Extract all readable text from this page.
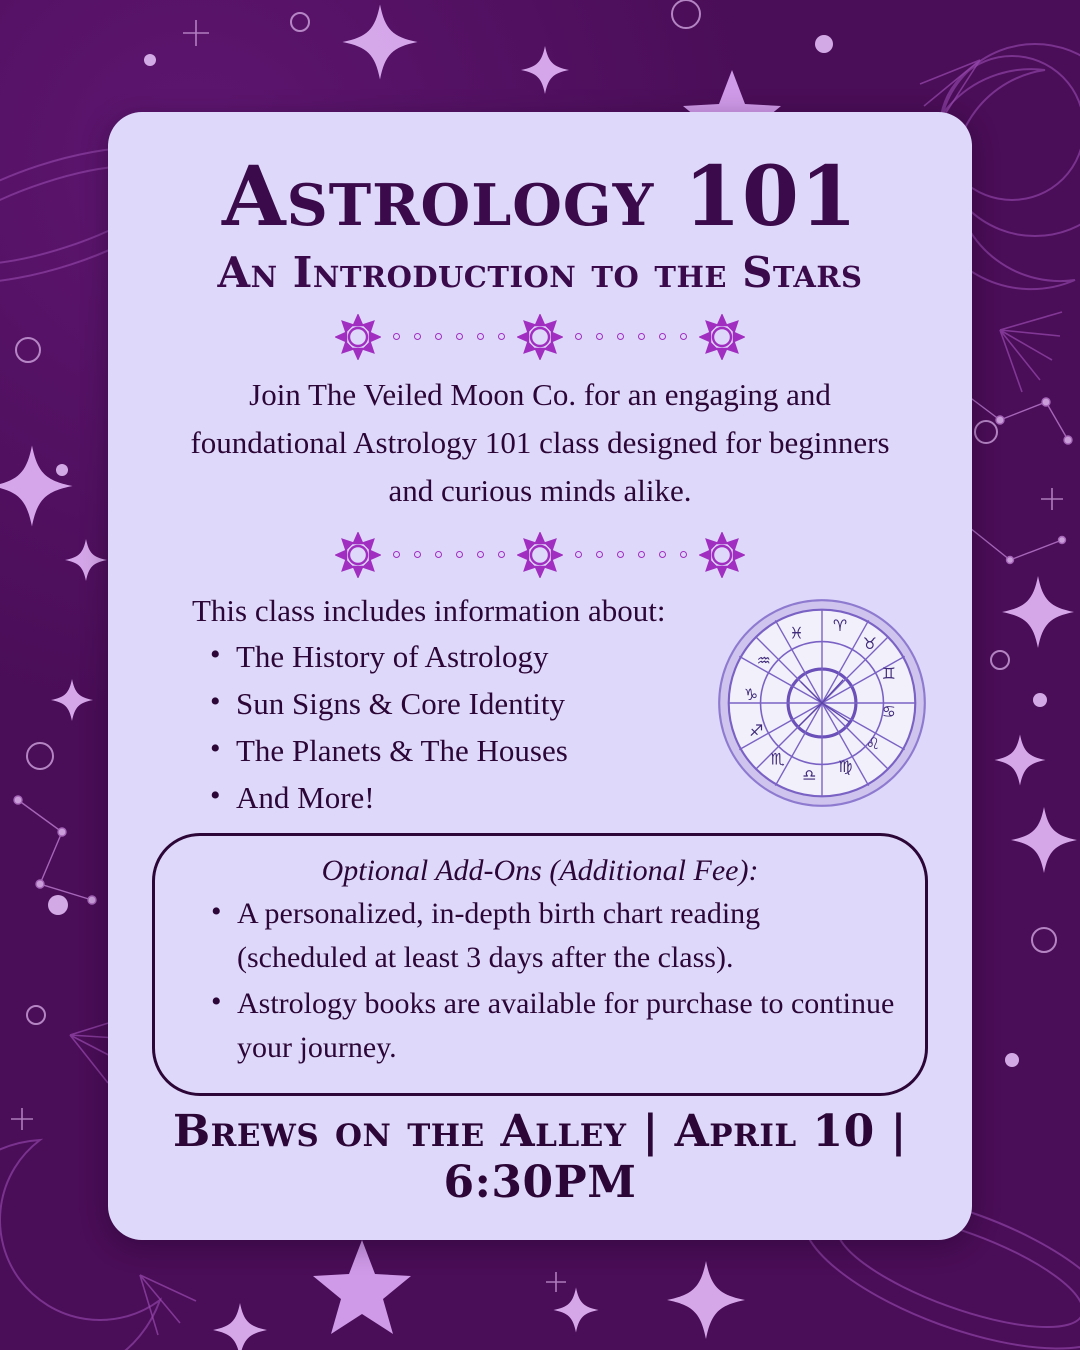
Astrology 101
An Introduction to the Stars

Join The Veiled Moon Co. for an engaging and foundational Astrology 101 class designed for beginners and curious minds alike.

This class includes information about:
• The History of Astrology
• Sun Signs & Core Identity
• The Planets & The Houses
• And More!
♈
♉
♊
♋
♌
♍
♎
♏
♐
♑
♒
♓
Optional Add-Ons (Additional Fee):
• A personalized, in-depth birth chart reading (scheduled at least 3 days after the class).
• Astrology books are available for purchase to continue your journey.
Brews on the Alley | April 10 | 6:30PM
